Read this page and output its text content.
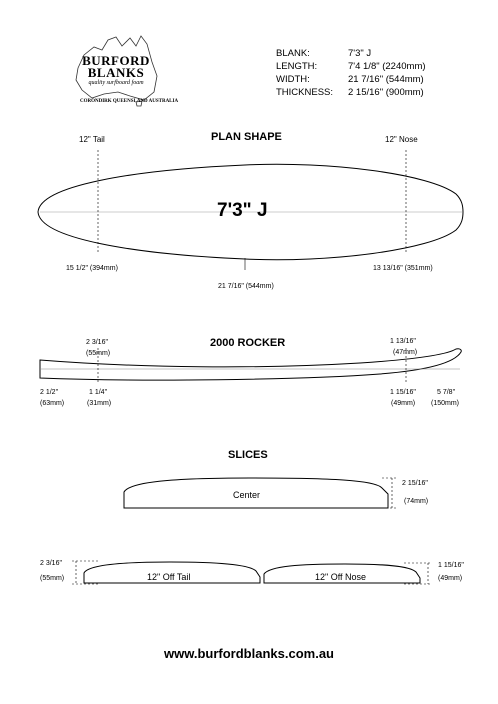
BURFORD
BLANKS
quality surfboard foam
CORONDIRK QUEENSLAND AUSTRALIA
BLANK:
LENGTH:
WIDTH:
THICKNESS:
7'3" J
7'4 1/8" (2240mm)
21 7/16" (544mm)
2 15/16" (900mm)
PLAN SHAPE
12" Tail	12" Nose
7'3" J
15 1/2" (394mm)
21 7/16" (544mm)
13 13/16" (351mm)
2000 ROCKER
2 3/16"
(55mm)
1 13/16"
(47mm)
2 1/2"
(63mm)
1 1/4"
(31mm)
1 15/16"
(49mm)
5 7/8"
(150mm)
SLICES
Center
2 15/16"
(74mm)
12" Off Tail
2 3/16"
(55mm)	12" Off Nose
1 15/16"
(49mm)
www.burfordblanks.com.au
